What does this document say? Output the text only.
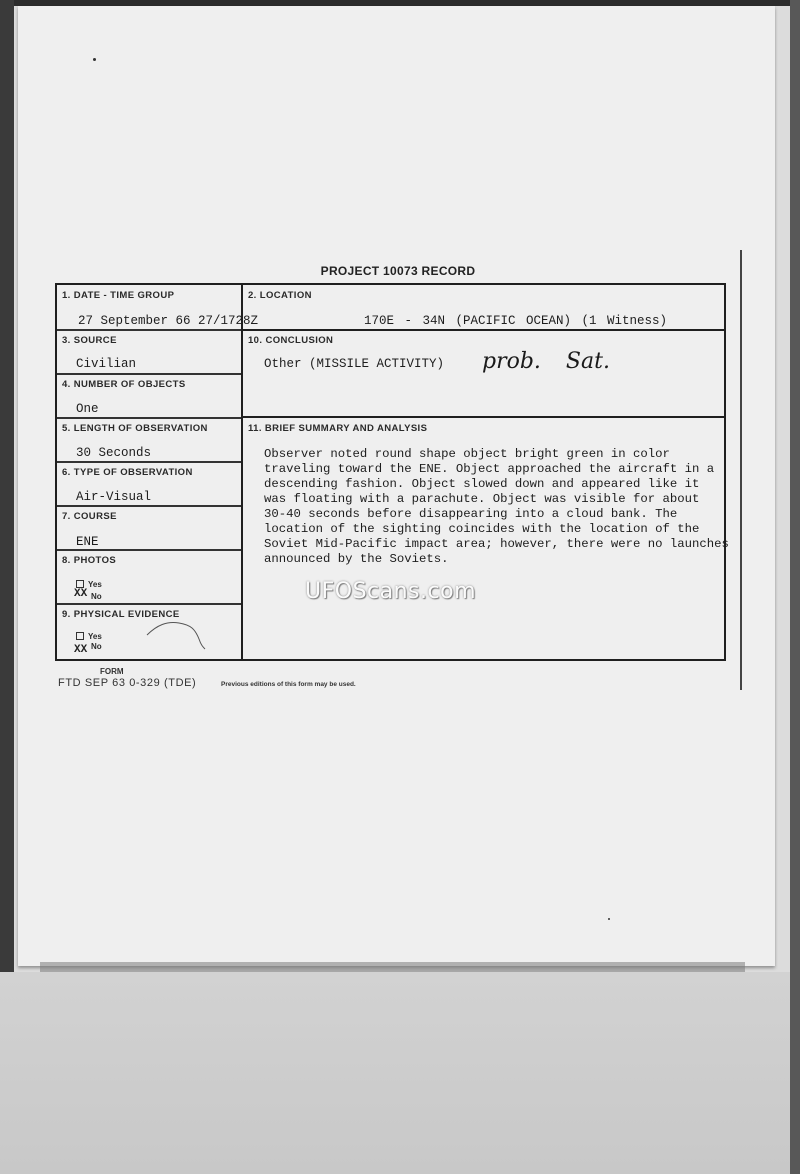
PROJECT 10073 RECORD
1. DATE - TIME GROUP
27 September 66 27/1728Z
2. LOCATION
170E - 34N (PACIFIC OCEAN) (1 Witness)
3. SOURCE
Civilian
10. CONCLUSION
Other (MISSILE ACTIVITY) prob. Sat.
4. NUMBER OF OBJECTS
One
5. LENGTH OF OBSERVATION
30 Seconds
11. BRIEF SUMMARY AND ANALYSIS
Observer noted round shape object bright green in color
traveling toward the ENE. Object approached the aircraft in a
descending fashion. Object slowed down and appeared like it
was floating with a parachute. Object was visible for about
30-40 seconds before disappearing into a cloud bank. The
location of the sighting coincides with the location of the
Soviet Mid-Pacific impact area; however, there were no launches
announced by the Soviets.
6. TYPE OF OBSERVATION
Air-Visual
7. COURSE
ENE
8. PHOTOS
Yes
XX No
9. PHYSICAL EVIDENCE
Yes
XX No
FORM
FTD SEP 63 0-329 (TDE)	Previous editions of this form may be used.
UFOScans.com
